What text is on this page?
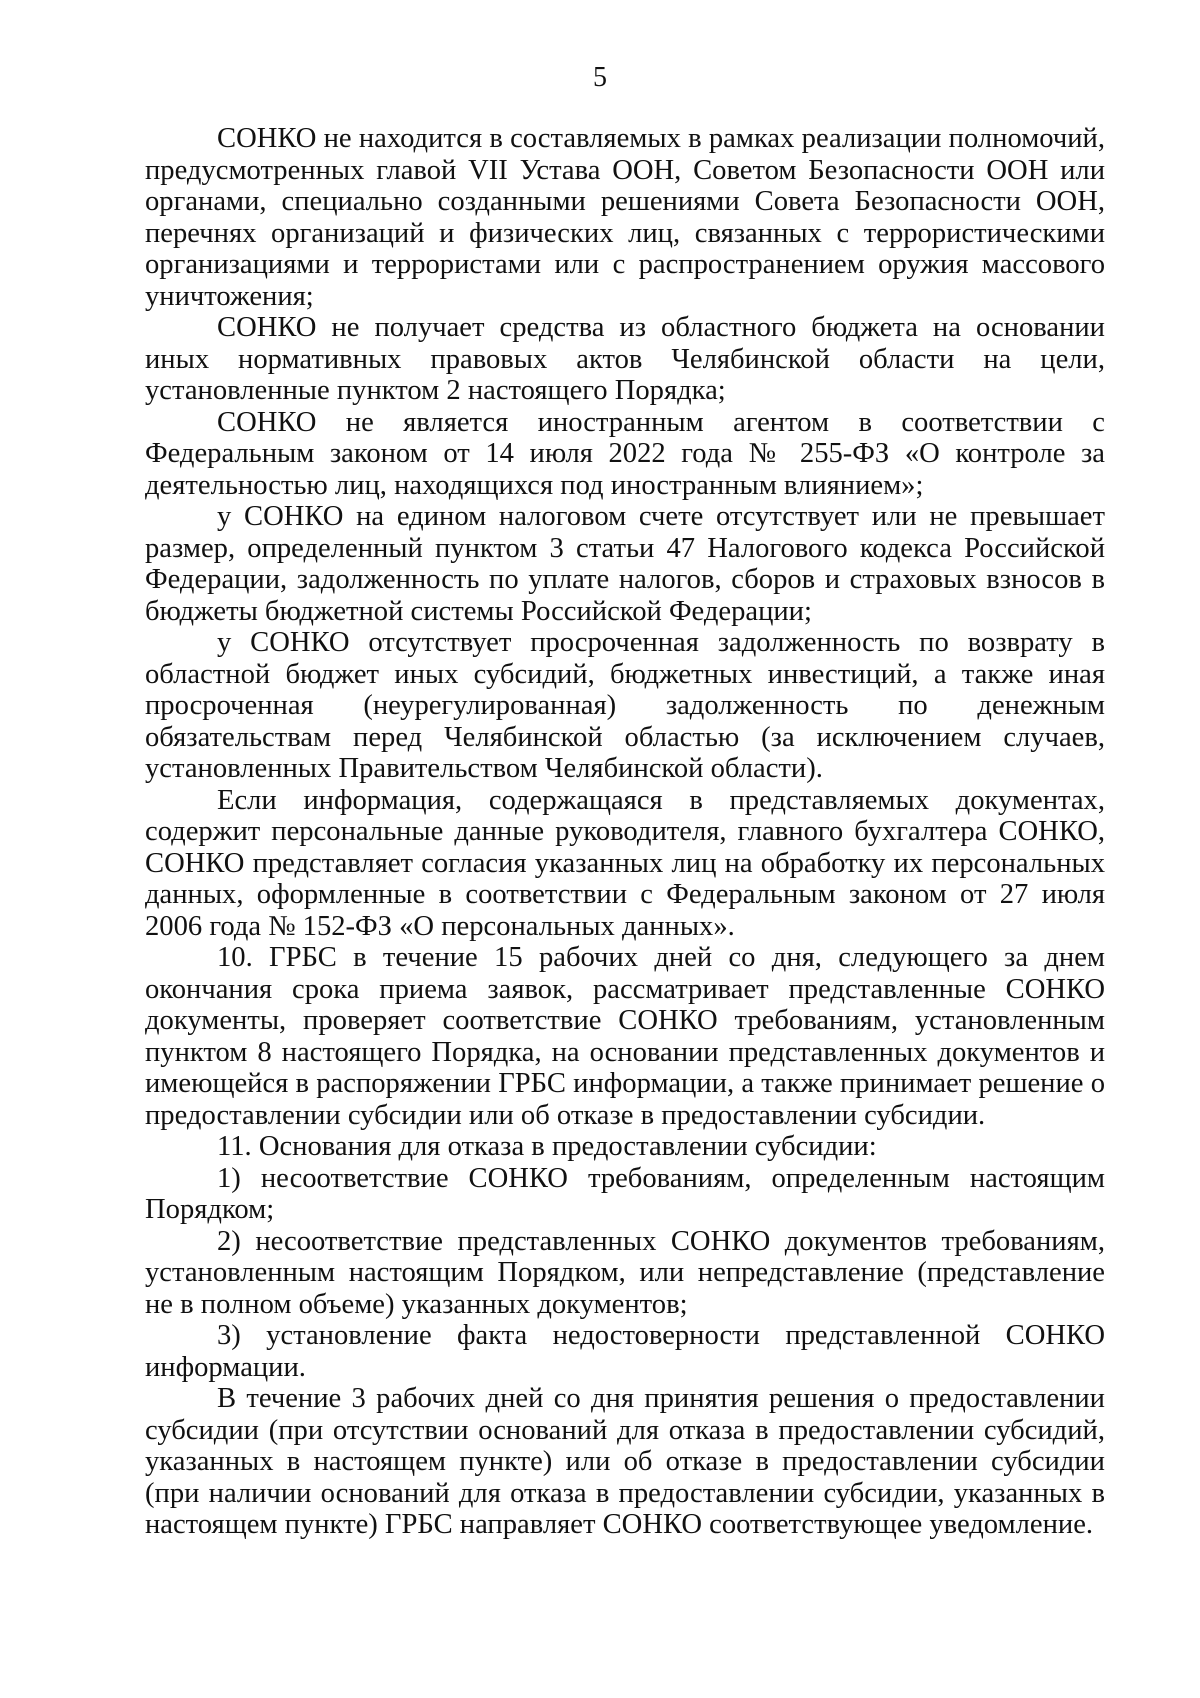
5

СОНКО не находится в составляемых в рамках реализации полномочий, предусмотренных главой VII Устава ООН, Советом Безопасности ООН или органами, специально созданными решениями Совета Безопасности ООН, перечнях организаций и физических лиц, связанных с террористическими организациями и террористами или с распространением оружия массового уничтожения;

СОНКО не получает средства из областного бюджета на основании иных нормативных правовых актов Челябинской области на цели, установленные пунктом 2 настоящего Порядка;

СОНКО не является иностранным агентом в соответствии с Федеральным законом от 14 июля 2022 года № 255-ФЗ «О контроле за деятельностью лиц, находящихся под иностранным влиянием»;

у СОНКО на едином налоговом счете отсутствует или не превышает размер, определенный пунктом 3 статьи 47 Налогового кодекса Российской Федерации, задолженность по уплате налогов, сборов и страховых взносов в бюджеты бюджетной системы Российской Федерации;

у СОНКО отсутствует просроченная задолженность по возврату в областной бюджет иных субсидий, бюджетных инвестиций, а также иная просроченная (неурегулированная) задолженность по денежным обязательствам перед Челябинской областью (за исключением случаев, установленных Правительством Челябинской области).

Если информация, содержащаяся в представляемых документах, содержит персональные данные руководителя, главного бухгалтера СОНКО, СОНКО представляет согласия указанных лиц на обработку их персональных данных, оформленные в соответствии с Федеральным законом от 27 июля 2006 года № 152-ФЗ «О персональных данных».

10. ГРБС в течение 15 рабочих дней со дня, следующего за днем окончания срока приема заявок, рассматривает представленные СОНКО документы, проверяет соответствие СОНКО требованиям, установленным пунктом 8 настоящего Порядка, на основании представленных документов и имеющейся в распоряжении ГРБС информации, а также принимает решение о предоставлении субсидии или об отказе в предоставлении субсидии.

11. Основания для отказа в предоставлении субсидии:

1) несоответствие СОНКО требованиям, определенным настоящим Порядком;

2) несоответствие представленных СОНКО документов требованиям, установленным настоящим Порядком, или непредставление (представление не в полном объеме) указанных документов;

3) установление факта недостоверности представленной СОНКО информации.

В течение 3 рабочих дней со дня принятия решения о предоставлении субсидии (при отсутствии оснований для отказа в предоставлении субсидий, указанных в настоящем пункте) или об отказе в предоставлении субсидии (при наличии оснований для отказа в предоставлении субсидии, указанных в настоящем пункте) ГРБС направляет СОНКО соответствующее уведомление.
